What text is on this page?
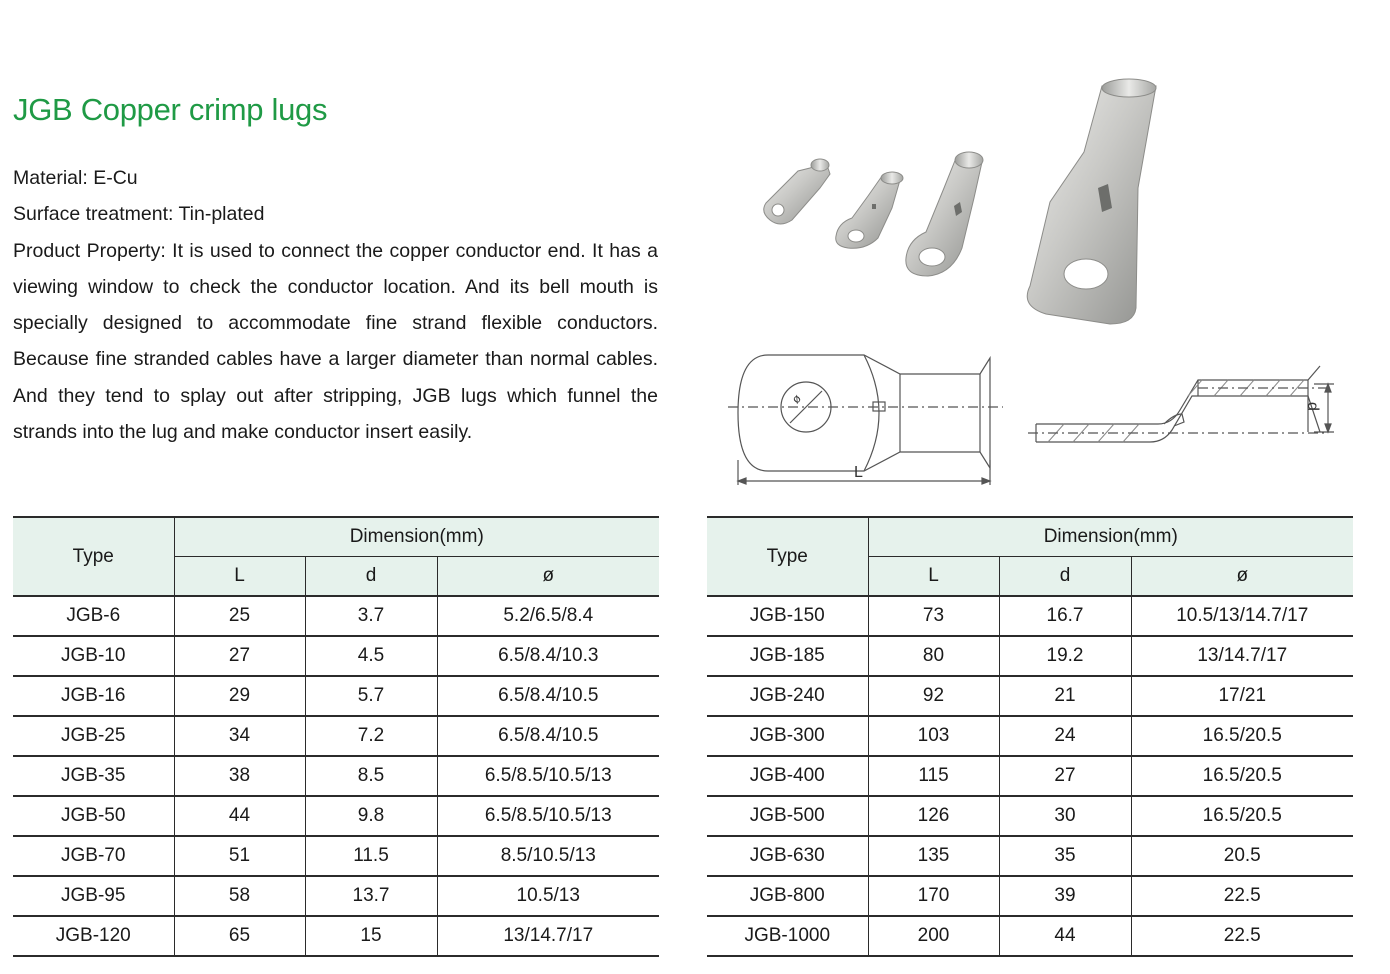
JGB Copper crimp lugs

Material: E-Cu

Surface treatment: Tin-plated

Product Property: It is used to connect the copper conductor end. It has a viewing window to check the conductor location. And its bell mouth is specially designed to accommodate fine strand flexible conductors. Because fine stranded cables have a larger diameter than normal cables. And they tend to splay out after stripping, JGB lugs which funnel the strands into the lug and make conductor insert easily.

ø
L
d
Type	Dimension(mm)		
	L	d	ø
JGB-6	25	3.7	5.2/6.5/8.4
JGB-10	27	4.5	6.5/8.4/10.3
JGB-16	29	5.7	6.5/8.4/10.5
JGB-25	34	7.2	6.5/8.4/10.5
JGB-35	38	8.5	6.5/8.5/10.5/13
JGB-50	44	9.8	6.5/8.5/10.5/13
JGB-70	51	11.5	8.5/10.5/13
JGB-95	58	13.7	10.5/13
JGB-120	65	15	13/14.7/17
Type	Dimension(mm)		
	L	d	ø
JGB-150	73	16.7	10.5/13/14.7/17
JGB-185	80	19.2	13/14.7/17
JGB-240	92	21	17/21
JGB-300	103	24	16.5/20.5
JGB-400	115	27	16.5/20.5
JGB-500	126	30	16.5/20.5
JGB-630	135	35	20.5
JGB-800	170	39	22.5
JGB-1000	200	44	22.5
